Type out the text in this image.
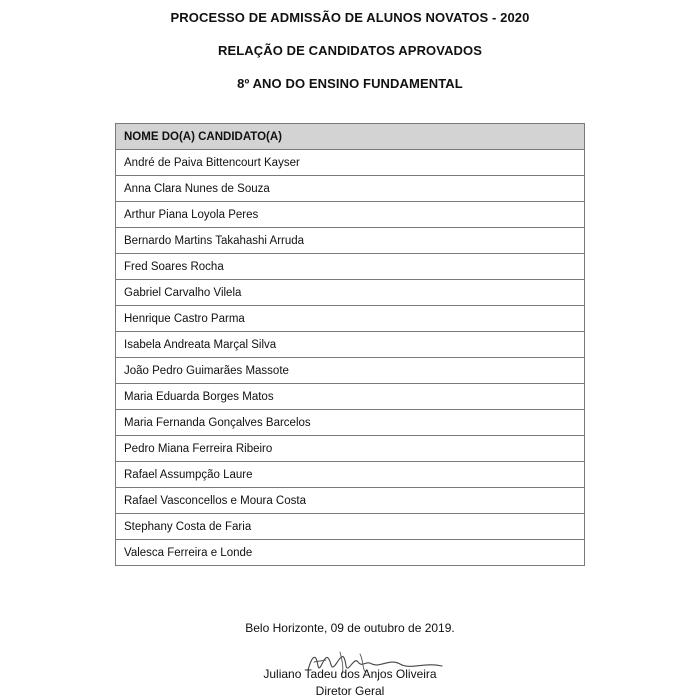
PROCESSO DE ADMISSÃO DE ALUNOS NOVATOS - 2020
RELAÇÃO DE CANDIDATOS APROVADOS
8º ANO DO ENSINO FUNDAMENTAL
NOME DO(A) CANDIDATO(A)
André de Paiva Bittencourt Kayser
Anna Clara Nunes de Souza
Arthur Piana Loyola Peres
Bernardo Martins Takahashi Arruda
Fred Soares Rocha
Gabriel Carvalho Vilela
Henrique Castro Parma
Isabela Andreata Marçal Silva
João Pedro Guimarães Massote
Maria Eduarda Borges Matos
Maria Fernanda Gonçalves Barcelos
Pedro Miana Ferreira Ribeiro
Rafael Assumpção Laure
Rafael Vasconcellos e Moura Costa
Stephany Costa de Faria
Valesca Ferreira e Londe
Belo Horizonte, 09 de outubro de 2019.
Juliano Tadeu dos Anjos Oliveira
Diretor Geral
